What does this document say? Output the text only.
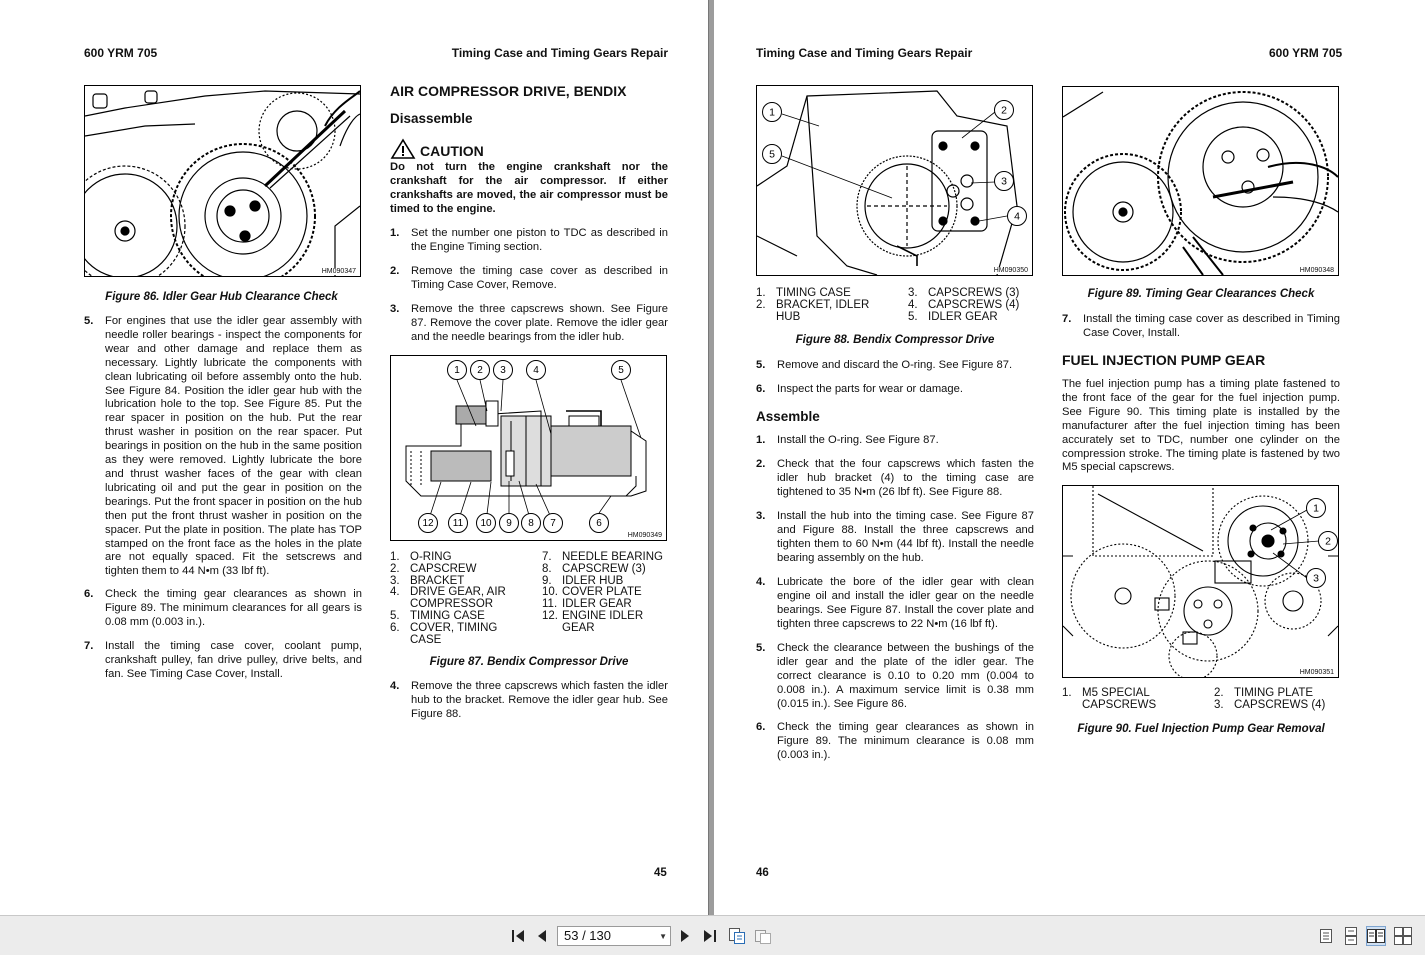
600 YRM 705	Timing Case and Timing Gears Repair
HM090347
Figure 86. Idler Gear Hub Clearance Check
5. For engines that use the idler gear assembly with needle roller bearings - inspect the components for wear and other damage and replace them as necessary. Lightly lubricate the components with clean lubricating oil before assembly onto the hub. See Figure 84. Position the idler gear hub with the lubrication hole to the top. See Figure 85. Put the rear spacer in position on the hub. Put the rear thrust washer in position on the rear spacer. Put bearings in position on the hub in the same position as they were removed. Lightly lubricate the bore and thrust washer faces of the gear with clean lubricating oil and put the gear in position on the bearings. Put the front spacer in position on the hub then put the front thrust washer in position on the spacer. Put the plate in position. The plate has TOP stamped on the front face as the holes in the plate are not equally spaced. Fit the setscrews and tighten them to 44 N•m (33 lbf ft).
6. Check the timing gear clearances as shown in Figure 89. The minimum clearances for all gears is 0.08 mm (0.003 in.).
7. Install the timing case cover, coolant pump, crankshaft pulley, fan drive pulley, drive belts, and fan. See Timing Case Cover, Install.
AIR COMPRESSOR DRIVE, BENDIX
Disassemble
CAUTION
Do not turn the engine crankshaft nor the crankshaft for the air compressor. If either crankshafts are moved, the air compressor must be timed to the engine.
1. Set the number one piston to TDC as described in the Engine Timing section.
2. Remove the timing case cover as described in Timing Case Cover, Remove.
3. Remove the three capscrews shown. See Figure 87. Remove the cover plate. Remove the idler gear and the needle bearings from the idler hub.
1 2 3	4	5
6
7
8
9
10
11
12
HM090349
1. O-RING
2. CAPSCREW
3. BRACKET
4. DRIVE GEAR, AIR
COMPRESSOR
5. TIMING CASE
6. COVER, TIMING
CASE
7. NEEDLE BEARING
8. CAPSCREW (3)
9. IDLER HUB
10. COVER PLATE
11. IDLER GEAR
12. ENGINE IDLER
GEAR
Figure 87. Bendix Compressor Drive
4. Remove the three capscrews which fasten the idler hub to the bracket. Remove the idler gear hub. See Figure 88.
45
Timing Case and Timing Gears Repair	600 YRM 705
1	2
3
4
5
HM090350
1. TIMING CASE
2. BRACKET, IDLER
HUB
3. CAPSCREWS (3)
4. CAPSCREWS (4)
5. IDLER GEAR
Figure 88. Bendix Compressor Drive
5. Remove and discard the O-ring. See Figure 87.
6. Inspect the parts for wear or damage.
Assemble
1. Install the O-ring. See Figure 87.
2. Check that the four capscrews which fasten the idler hub bracket (4) to the timing case are tightened to 35 N•m (26 lbf ft). See Figure 88.
3. Install the hub into the timing case. See Figure 87 and Figure 88. Install the three capscrews and tighten them to 60 N•m (44 lbf ft). Install the needle bearing assembly on the hub.
4. Lubricate the bore of the idler gear with clean engine oil and install the idler gear on the needle bearings. See Figure 87. Install the cover plate and tighten three capscrews to 22 N•m (16 lbf ft).
5. Check the clearance between the bushings of the idler gear and the plate of the idler gear. The correct clearance is 0.10 to 0.20 mm (0.004 to 0.008 in.). A maximum service limit is 0.38 mm (0.015 in.). See Figure 86.
6. Check the timing gear clearances as shown in Figure 89. The minimum clearance is 0.08 mm (0.003 in.).
HM090348
Figure 89. Timing Gear Clearances Check
7. Install the timing case cover as described in Timing Case Cover, Install.
FUEL INJECTION PUMP GEAR
The fuel injection pump has a timing plate fastened to the front face of the gear for the fuel injection pump. See Figure 90. This timing plate is installed by the manufacturer after the fuel injection timing has been accurately set to TDC, number one cylinder on the compression stroke. The timing plate is fastened by two M5 special capscrews.
1
2
3
HM090351
1. M5 SPECIAL
CAPSCREWS
2. TIMING PLATE
3. CAPSCREWS (4)
Figure 90. Fuel Injection Pump Gear Removal
46
53 / 130	▼
